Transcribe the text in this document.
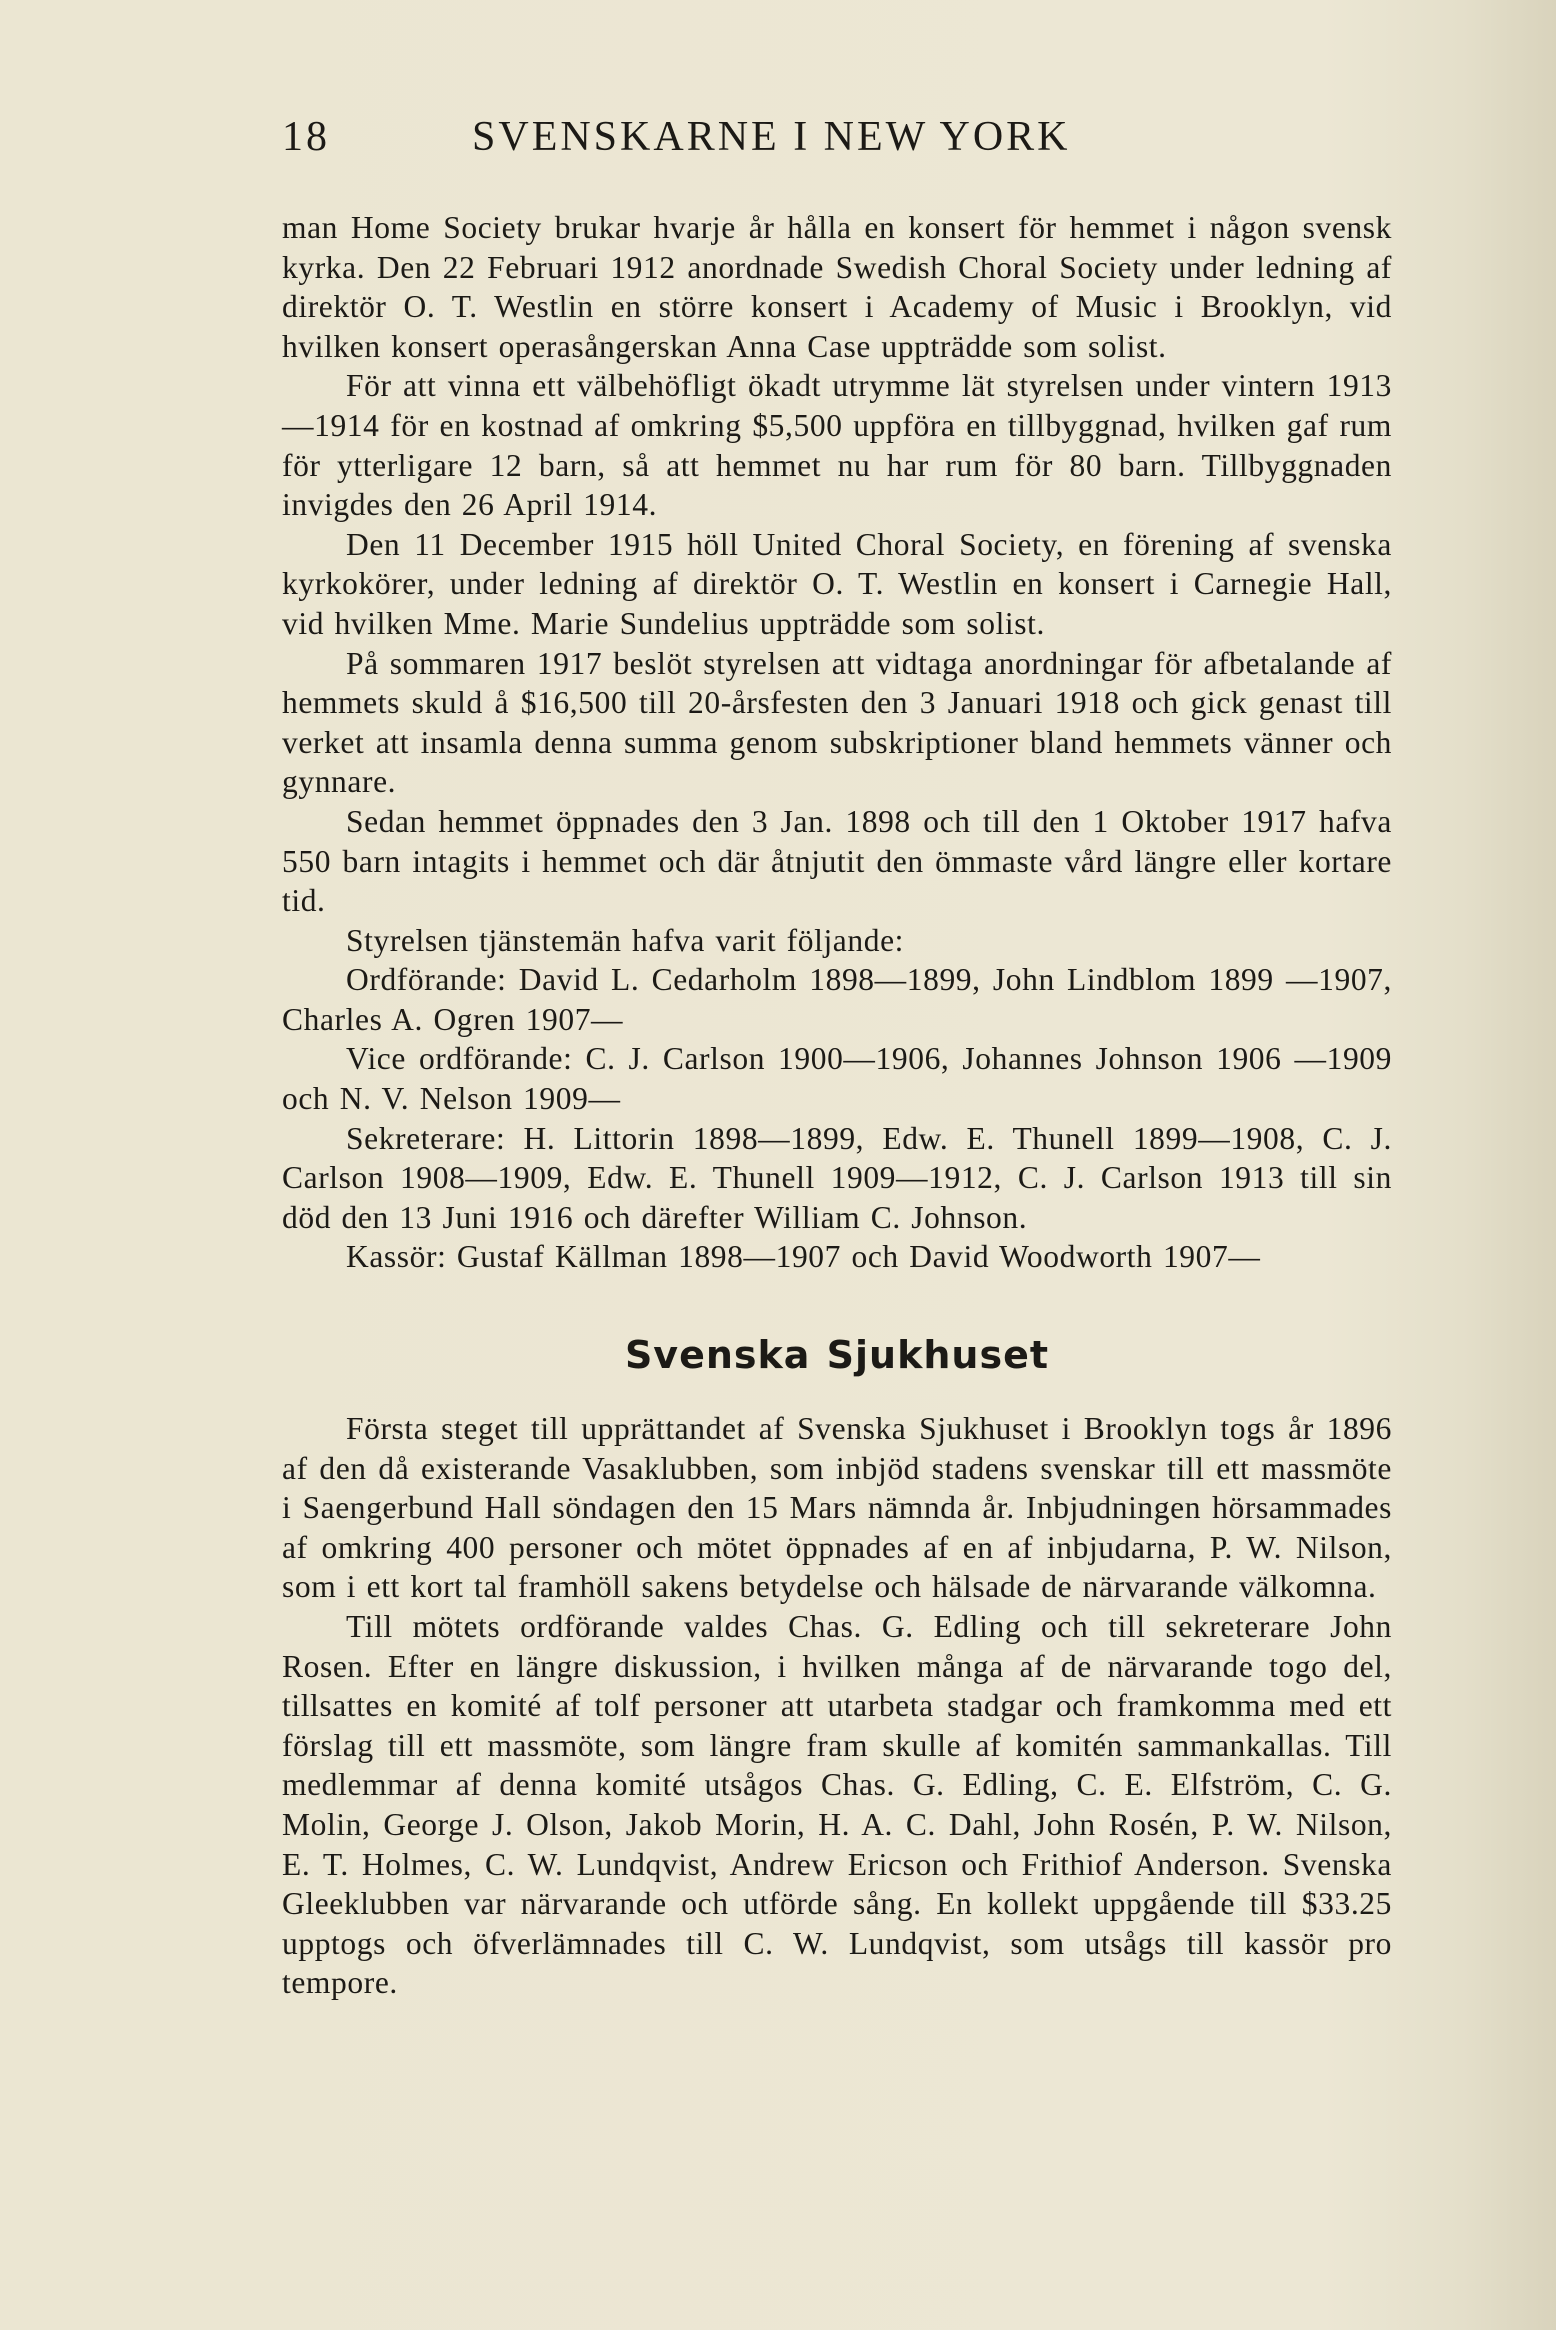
18	SVENSKARNE I NEW YORK

man Home Society brukar hvarje år hålla en konsert för hemmet i någon svensk kyrka. Den 22 Februari 1912 anordnade Swedish Choral Society under ledning af direktör O. T. Westlin en större konsert i Academy of Music i Brooklyn, vid hvilken konsert operasångerskan Anna Case uppträdde som solist.

För att vinna ett välbehöfligt ökadt utrymme lät styrelsen under vintern 1913—1914 för en kostnad af omkring $5,500 uppföra en tillbyggnad, hvilken gaf rum för ytterligare 12 barn, så att hemmet nu har rum för 80 barn. Tillbyggnaden invigdes den 26 April 1914.

Den 11 December 1915 höll United Choral Society, en förening af svenska kyrkokörer, under ledning af direktör O. T. Westlin en konsert i Carnegie Hall, vid hvilken Mme. Marie Sundelius uppträdde som solist.

På sommaren 1917 beslöt styrelsen att vidtaga anordningar för afbetalande af hemmets skuld å $16,500 till 20-årsfesten den 3 Januari 1918 och gick genast till verket att insamla denna summa genom subskriptioner bland hemmets vänner och gynnare.

Sedan hemmet öppnades den 3 Jan. 1898 och till den 1 Oktober 1917 hafva 550 barn intagits i hemmet och där åtnjutit den ömmaste vård längre eller kortare tid.

Styrelsen tjänstemän hafva varit följande:

Ordförande: David L. Cedarholm 1898—1899, John Lindblom 1899 —1907, Charles A. Ogren 1907—

Vice ordförande: C. J. Carlson 1900—1906, Johannes Johnson 1906 —1909 och N. V. Nelson 1909—

Sekreterare: H. Littorin 1898—1899, Edw. E. Thunell 1899—1908, C. J. Carlson 1908—1909, Edw. E. Thunell 1909—1912, C. J. Carlson 1913 till sin död den 13 Juni 1916 och därefter William C. Johnson.

Kassör: Gustaf Källman 1898—1907 och David Woodworth 1907—

Svenska Sjukhuset

Första steget till upprättandet af Svenska Sjukhuset i Brooklyn togs år 1896 af den då existerande Vasaklubben, som inbjöd stadens svenskar till ett massmöte i Saengerbund Hall söndagen den 15 Mars nämnda år. Inbjudningen hörsammades af omkring 400 personer och mötet öppnades af en af inbjudarna, P. W. Nilson, som i ett kort tal framhöll sakens betydelse och hälsade de närvarande välkomna.

Till mötets ordförande valdes Chas. G. Edling och till sekreterare John Rosen. Efter en längre diskussion, i hvilken många af de närvarande togo del, tillsattes en komité af tolf personer att utarbeta stadgar och framkomma med ett förslag till ett massmöte, som längre fram skulle af komitén sammankallas. Till medlemmar af denna komité utsågos Chas. G. Edling, C. E. Elfström, C. G. Molin, George J. Olson, Jakob Morin, H. A. C. Dahl, John Rosén, P. W. Nilson, E. T. Holmes, C. W. Lundqvist, Andrew Ericson och Frithiof Anderson. Svenska Gleeklubben var närvarande och utförde sång. En kollekt uppgående till $33.25 upptogs och öfverlämnades till C. W. Lundqvist, som utsågs till kassör pro tempore.
